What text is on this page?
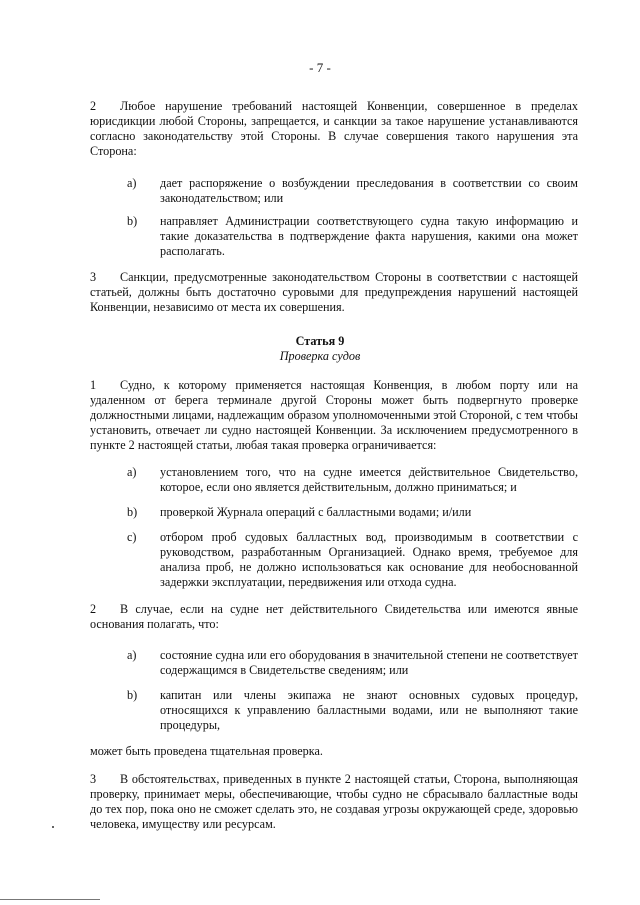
- 7 -

2 Любое нарушение требований настоящей Конвенции, совершенное в пределах юрисдикции любой Стороны, запрещается, и санкции за такое нарушение устанавливаются согласно законодательству этой Стороны. В случае совершения такого нарушения эта Сторона:

a)	дает распоряжение о возбуждении преследования в соответствии со своим законодательством; или
b)	направляет Администрации соответствующего судна такую информацию и такие доказательства в подтверждение факта нарушения, какими она может располагать.

3 Санкции, предусмотренные законодательством Стороны в соответствии с настоящей статьей, должны быть достаточно суровыми для предупреждения нарушений настоящей Конвенции, независимо от места их совершения.

Статья 9
Проверка судов

1 Судно, к которому применяется настоящая Конвенция, в любом порту или на удаленном от берега терминале другой Стороны может быть подвергнуто проверке должностными лицами, надлежащим образом уполномоченными этой Стороной, с тем чтобы установить, отвечает ли судно настоящей Конвенции. За исключением предусмотренного в пункте 2 настоящей статьи, любая такая проверка ограничивается:

a)	установлением того, что на судне имеется действительное Свидетельство, которое, если оно является действительным, должно приниматься; и
b)	проверкой Журнала операций с балластными водами; и/или
c)	отбором проб судовых балластных вод, производимым в соответствии с руководством, разработанным Организацией. Однако время, требуемое для анализа проб, не должно использоваться как основание для необоснованной задержки эксплуатации, передвижения или отхода судна.

2 В случае, если на судне нет действительного Свидетельства или имеются явные основания полагать, что:

a)	состояние судна или его оборудования в значительной степени не соответствует содержащимся в Свидетельстве сведениям; или
b)	капитан или члены экипажа не знают основных судовых процедур, относящихся к управлению балластными водами, или не выполняют такие процедуры,

может быть проведена тщательная проверка.

3 В обстоятельствах, приведенных в пункте 2 настоящей статьи, Сторона, выполняющая проверку, принимает меры, обеспечивающие, чтобы судно не сбрасывало балластные воды до тех пор, пока оно не сможет сделать это, не создавая угрозы окружающей среде, здоровью человека, имуществу или ресурсам.
